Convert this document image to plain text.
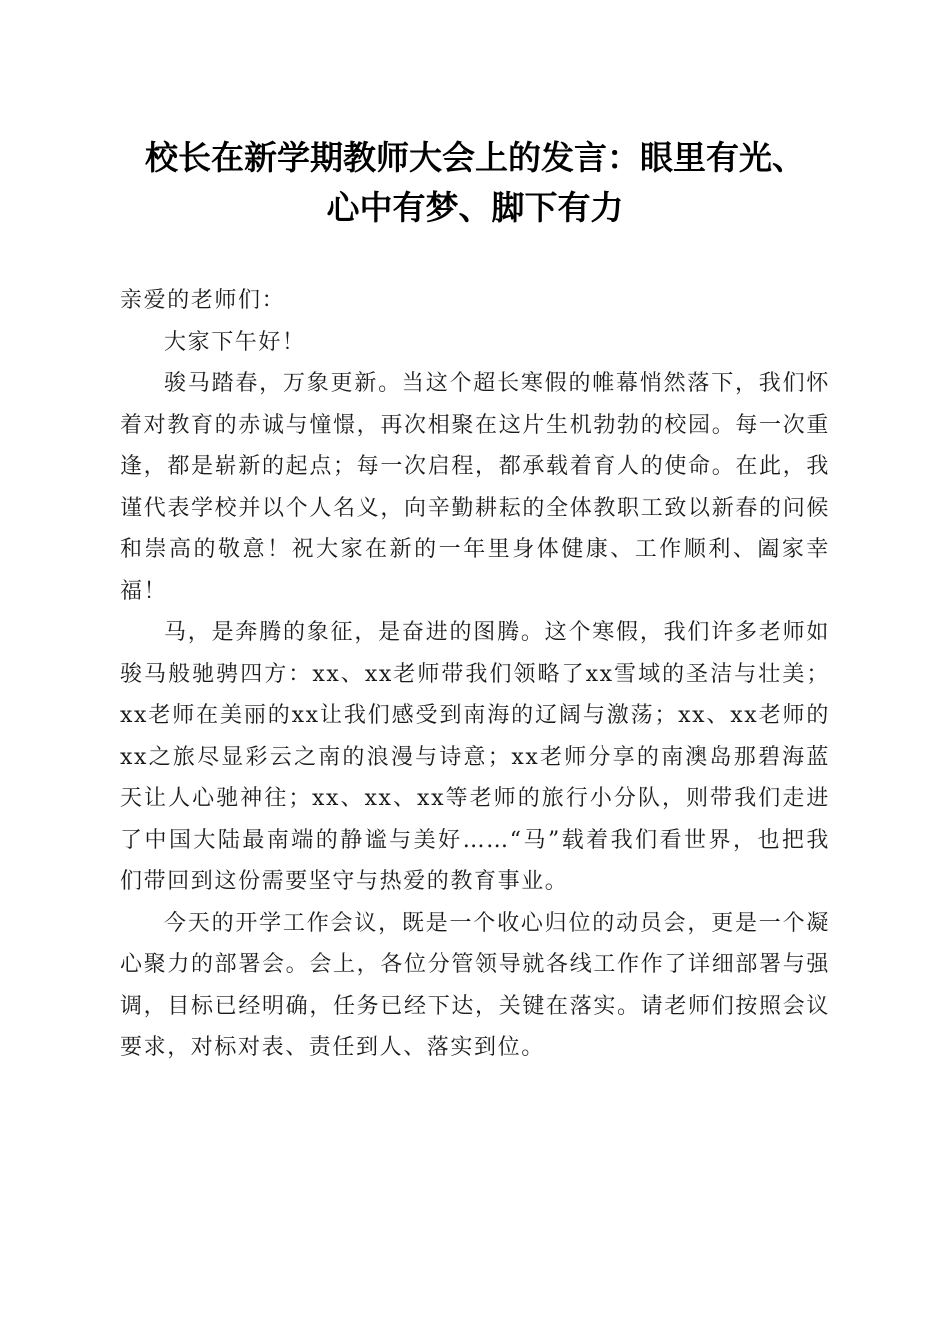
校长在新学期教师大会上的发言：眼里有光、
心中有梦、脚下有力

亲爱的老师们：

大家下午好！

骏马踏春，万象更新。当这个超长寒假的帷幕悄然落下，我们怀着对教育的赤诚与憧憬，再次相聚在这片生机勃勃的校园。每一次重逢，都是崭新的起点；每一次启程，都承载着育人的使命。在此，我谨代表学校并以个人名义，向辛勤耕耘的全体教职工致以新春的问候和崇高的敬意！祝大家在新的一年里身体健康、工作顺利、阖家幸福！

马，是奔腾的象征，是奋进的图腾。这个寒假，我们许多老师如骏马般驰骋四方：xx、xx老师带我们领略了xx雪域的圣洁与壮美；xx老师在美丽的xx让我们感受到南海的辽阔与激荡；xx、xx老师的xx之旅尽显彩云之南的浪漫与诗意；xx老师分享的南澳岛那碧海蓝天让人心驰神往；xx、xx、xx等老师的旅行小分队，则带我们走进了中国大陆最南端的静谧与美好……“马”载着我们看世界，也把我们带回到这份需要坚守与热爱的教育事业。

今天的开学工作会议，既是一个收心归位的动员会，更是一个凝心聚力的部署会。会上，各位分管领导就各线工作作了详细部署与强调，目标已经明确，任务已经下达，关键在落实。请老师们按照会议要求，对标对表、责任到人、落实到位。
